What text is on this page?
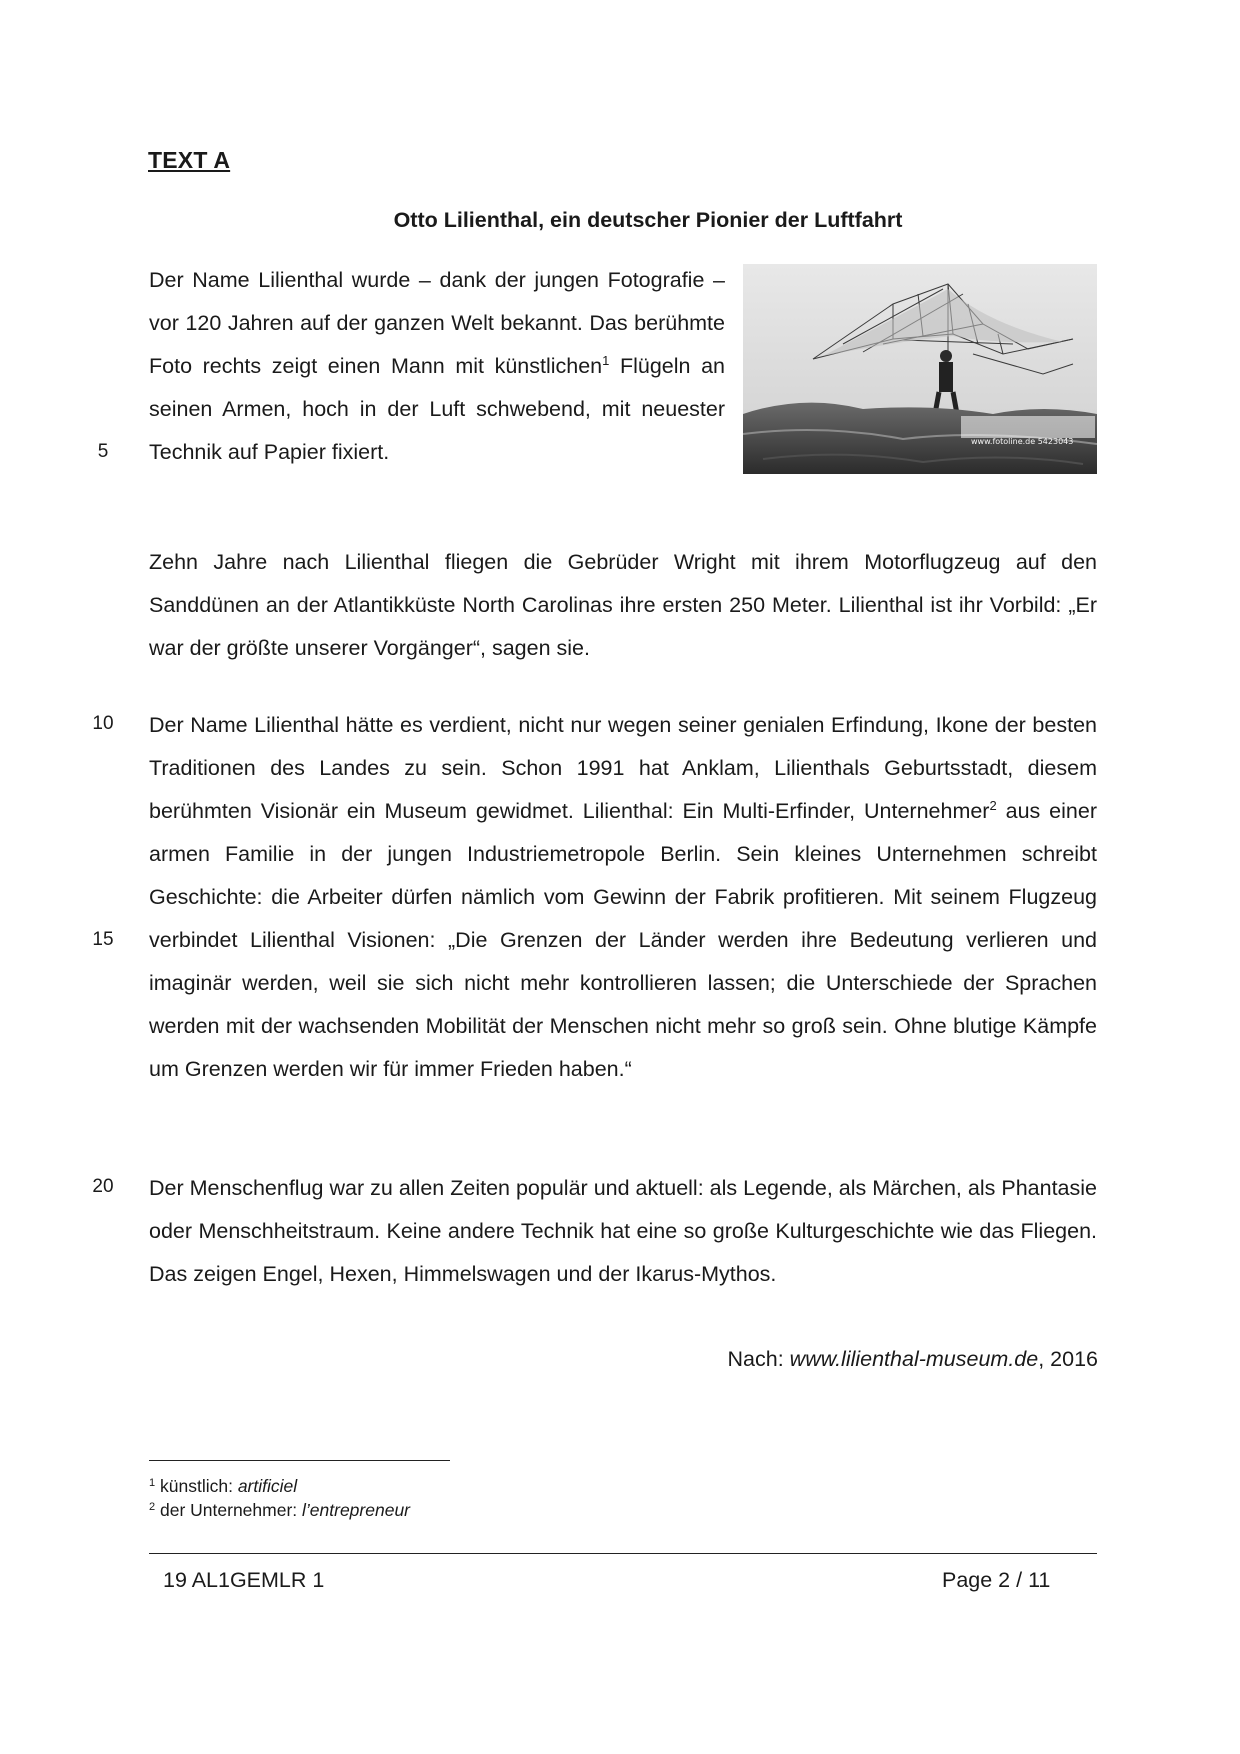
TEXT A
Otto Lilienthal, ein deutscher Pionier der Luftfahrt
Der Name Lilienthal wurde – dank der jungen Fotografie – vor 120 Jahren auf der ganzen Welt bekannt. Das berühmte Foto rechts zeigt einen Mann mit künstlichen$^1$ Flügeln an seinen Armen, hoch in der Luft schwebend, mit neuester Technik auf Papier fixiert.	www.fotoline.de 5423043
5
Zehn Jahre nach Lilienthal fliegen die Gebrüder Wright mit ihrem Motorflugzeug auf den Sanddünen an der Atlantikküste North Carolinas ihre ersten 250 Meter. Lilienthal ist ihr Vorbild: „Er war der größte unserer Vorgänger“, sagen sie.
10 Der Name Lilienthal hätte es verdient, nicht nur wegen seiner genialen Erfindung, Ikone der besten Traditionen des Landes zu sein. Schon 1991 hat Anklam, Lilienthals Geburtsstadt, diesem berühmten Visionär ein Museum gewidmet. Lilienthal: Ein Multi-Erfinder, Unternehmer$^2$ aus einer armen Familie in der jungen Industriemetropole Berlin. Sein kleines Unternehmen schreibt Geschichte: die Arbeiter dürfen nämlich vom Gewinn der Fabrik profitieren. Mit seinem Flugzeug verbindet Lilienthal Visionen: „Die Grenzen der Länder werden ihre Bedeutung verlieren und imaginär werden, weil sie sich nicht mehr kontrollieren lassen; die Unterschiede der Sprachen werden mit der wachsenden Mobilität der Menschen nicht mehr so groß sein. Ohne blutige Kämpfe um Grenzen werden wir für immer Frieden haben.“
15
Der Menschenflug war zu allen Zeiten populär und aktuell: als Legende, als Märchen, als Phantasie oder Menschheitstraum. Keine andere Technik hat eine so große Kulturgeschichte wie das Fliegen. Das zeigen Engel, Hexen, Himmelswagen und der Ikarus-Mythos.
20
Nach: www.lilienthal-museum.de, 2016
$^1$ künstlich: artificiel
$^2$ der Unternehmer: l’entrepreneur
19 AL1GEMLR 1	Page 2 / 11
